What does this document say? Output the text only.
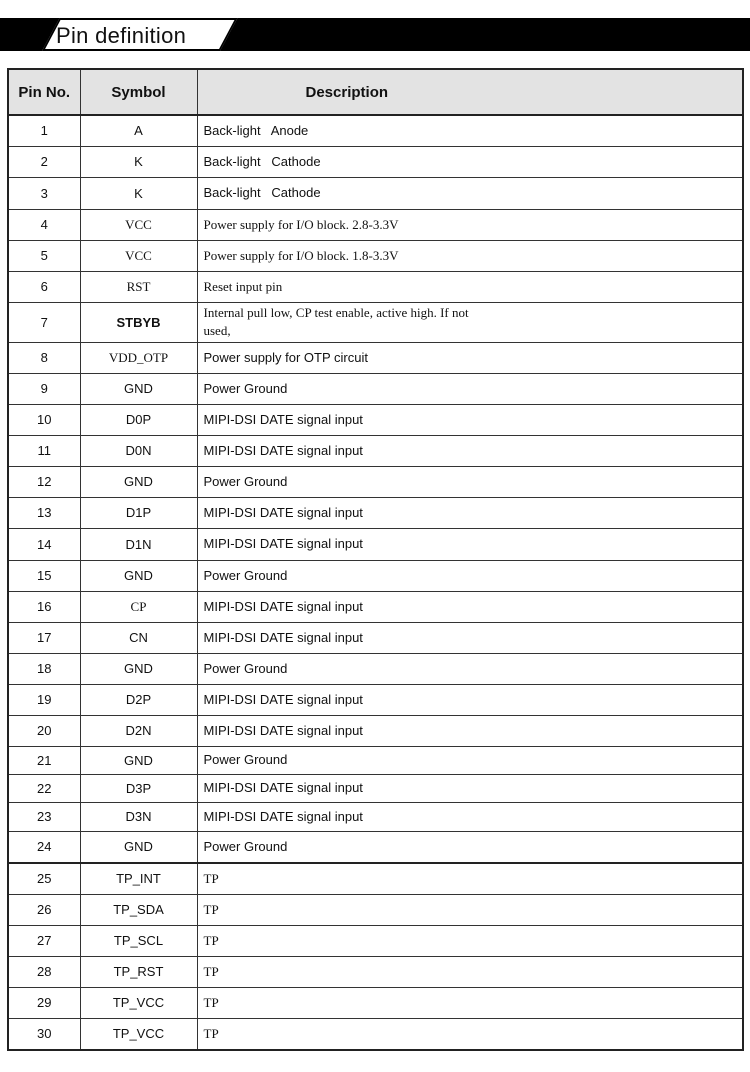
Pin definition
Pin No.	Symbol	Description
1	A	Back-light   Anode
2	K	Back-light   Cathode
3	K	Back-light   Cathode
4	VCC	Power supply for I/O block. 2.8-3.3V
5	VCC	Power supply for I/O block. 1.8-3.3V
6	RST	Reset input pin
7	STBYB	Internal pull low, CP test enable, active high. If not used,
8	VDD_OTP	Power supply for OTP circuit
9	GND	Power Ground
10	D0P	MIPI-DSI DATE signal input
11	D0N	MIPI-DSI DATE signal input
12	GND	Power Ground
13	D1P	MIPI-DSI DATE signal input
14	D1N	MIPI-DSI DATE signal input
15	GND	Power Ground
16	CP	MIPI-DSI DATE signal input
17	CN	MIPI-DSI DATE signal input
18	GND	Power Ground
19	D2P	MIPI-DSI DATE signal input
20	D2N	MIPI-DSI DATE signal input
21	GND	Power Ground
22	D3P	MIPI-DSI DATE signal input
23	D3N	MIPI-DSI DATE signal input
24	GND	Power Ground
25	TP_INT	TP
26	TP_SDA	TP
27	TP_SCL	TP
28	TP_RST	TP
29	TP_VCC	TP
30	TP_VCC	TP
